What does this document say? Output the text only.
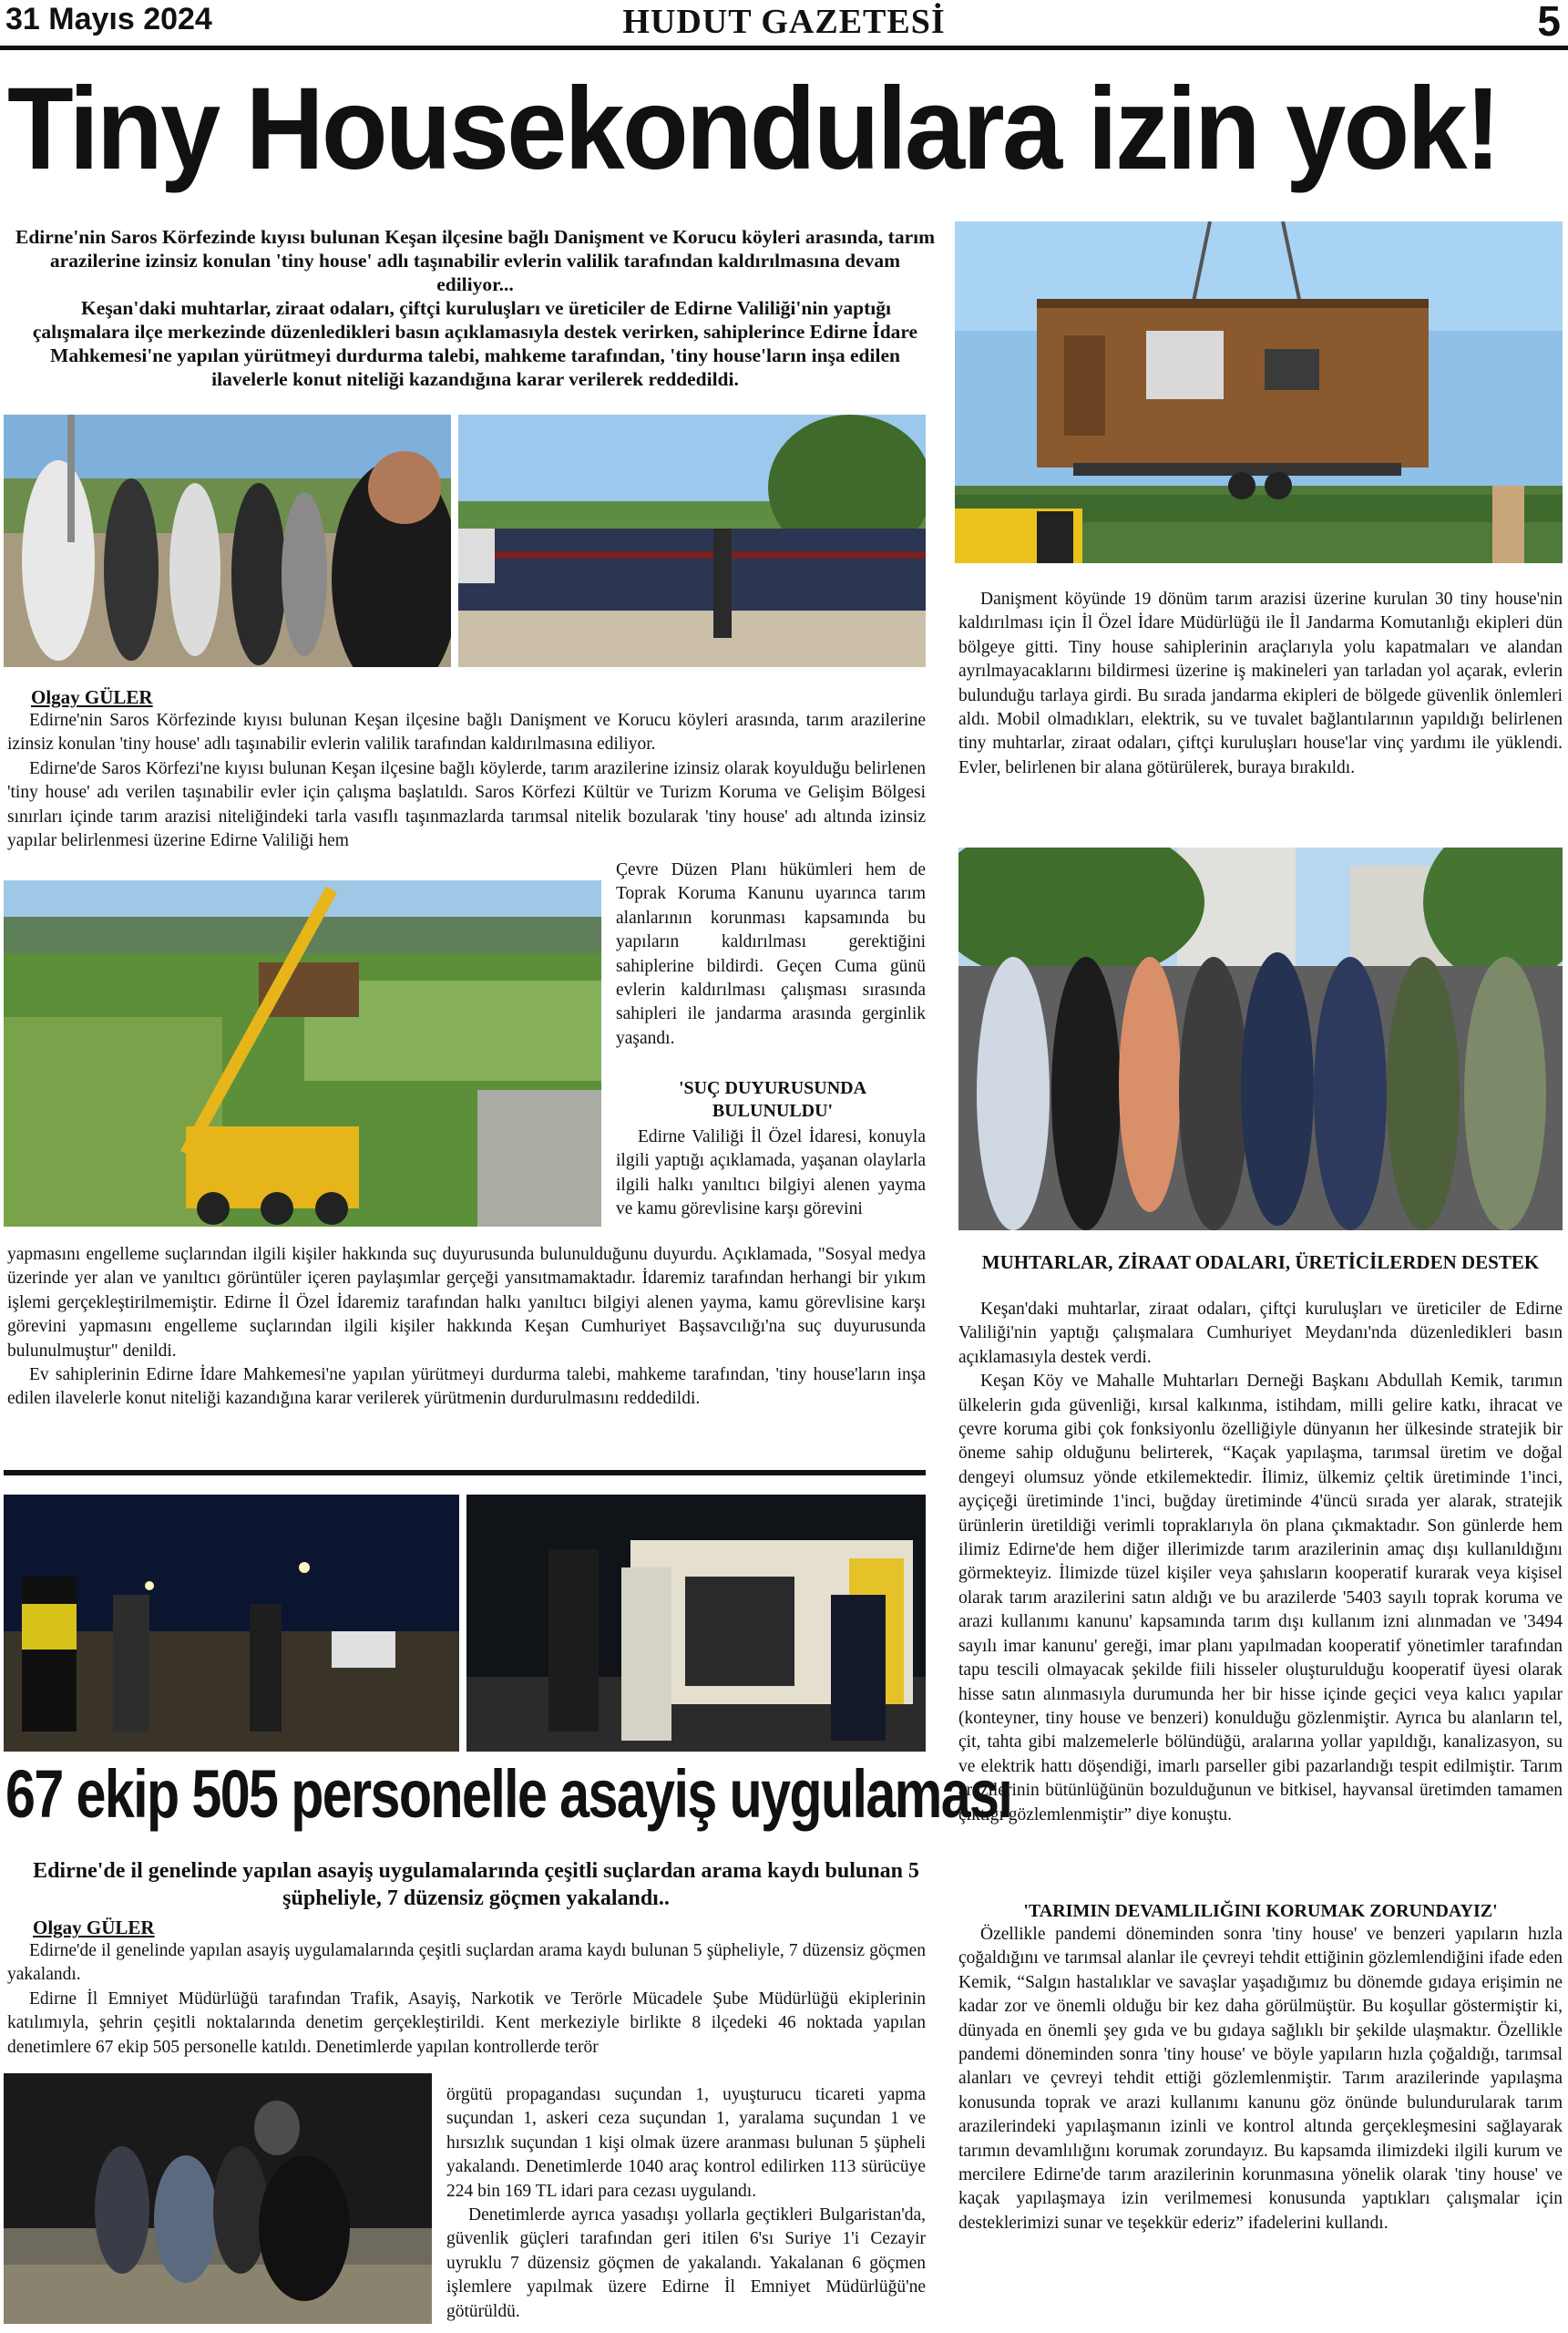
HUDUT GAZETESİ
31 Mayıs 2024	5
Tiny Housekondulara izin yok!

Edirne'nin Saros Körfezinde kıyısı bulunan Keşan ilçesine bağlı Danişment ve Korucu köyleri arasında, tarım arazilerine izinsiz konulan 'tiny house' adlı taşınabilir evlerin valilik tarafından kaldırılmasına devam ediliyor...

Keşan'daki muhtarlar, ziraat odaları, çiftçi kuruluşları ve üreticiler de Edirne Valiliği'nin yaptığı çalışmalara ilçe merkezinde düzenledikleri basın açıklamasıyla destek verirken, sahiplerince Edirne İdare Mahkemesi'ne yapılan yürütmeyi durdurma talebi, mahkeme tarafından, 'tiny house'ların inşa edilen ilavelerle konut niteliği kazandığına karar verilerek reddedildi.

Olgay GÜLER

Edirne'nin Saros Körfezinde kıyısı bulunan Keşan ilçesine bağlı Danişment ve Korucu köyleri arasında, tarım arazilerine izinsiz konulan 'tiny house' adlı taşınabilir evlerin valilik tarafından kaldırılmasına ediliyor.

Edirne'de Saros Körfezi'ne kıyısı bulunan Keşan ilçesine bağlı köylerde, tarım arazilerine izinsiz olarak koyulduğu belirlenen 'tiny house' adı verilen taşınabilir evler için çalışma başlatıldı. Saros Körfezi Kültür ve Turizm Koruma ve Gelişim Bölgesi sınırları içinde tarım arazisi niteliğindeki tarla vasıflı taşınmazlarda tarımsal nitelik bozularak 'tiny house' adı altında izinsiz yapılar belirlenmesi üzerine Edirne Valiliği hem

Çevre Düzen Planı hükümleri hem de Toprak Koruma Kanunu uyarınca tarım alanlarının korunması kapsamında bu yapıların kaldırılması gerektiğini sahiplerine bildirdi. Geçen Cuma günü evlerin kaldırılması çalışması sırasında sahipleri ile jandarma arasında gerginlik yaşandı.

'SUÇ DUYURUSUNDA BULUNULDU'

Edirne Valiliği İl Özel İdaresi, konuyla ilgili yaptığı açıklamada, yaşanan olaylarla ilgili halkı yanıltıcı bilgiyi alenen yayma ve kamu görevlisine karşı görevini

yapmasını engelleme suçlarından ilgili kişiler hakkında suç duyurusunda bulunulduğunu duyurdu. Açıklamada, "Sosyal medya üzerinde yer alan ve yanıltıcı görüntüler içeren paylaşımlar gerçeği yansıtmamaktadır. İdaremiz tarafından herhangi bir yıkım işlemi gerçekleştirilmemiştir. Edirne İl Özel İdaremiz tarafından halkı yanıltıcı bilgiyi alenen yayma, kamu görevlisine karşı görevini yapmasını engelleme suçlarından ilgili kişiler hakkında Keşan Cumhuriyet Başsavcılığı'na suç duyurusunda bulunulmuştur" denildi.

Ev sahiplerinin Edirne İdare Mahkemesi'ne yapılan yürütmeyi durdurma talebi, mahkeme tarafından, 'tiny house'ların inşa edilen ilavelerle konut niteliği kazandığına karar verilerek yürütmenin durdurulmasını reddedildi.

Danişment köyünde 19 dönüm tarım arazisi üzerine kurulan 30 tiny house'nin kaldırılması için İl Özel İdare Müdürlüğü ile İl Jandarma Komutanlığı ekipleri dün bölgeye gitti. Tiny house sahiplerinin araçlarıyla yolu kapatmaları ve alandan ayrılmayacaklarını bildirmesi üzerine iş makineleri yan tarladan yol açarak, evlerin bulunduğu tarlaya girdi. Bu sırada jandarma ekipleri de bölgede güvenlik önlemleri aldı. Mobil olmadıkları, elektrik, su ve tuvalet bağlantılarının yapıldığı belirlenen tiny muhtarlar, ziraat odaları, çiftçi kuruluşları house'lar vinç yardımı ile yüklendi. Evler, belirlenen bir alana götürülerek, buraya bırakıldı.

MUHTARLAR, ZİRAAT ODALARI, ÜRETİCİLERDEN DESTEK

Keşan'daki muhtarlar, ziraat odaları, çiftçi kuruluşları ve üreticiler de Edirne Valiliği'nin yaptığı çalışmalara Cumhuriyet Meydanı'nda düzenledikleri basın açıklamasıyla destek verdi.

Keşan Köy ve Mahalle Muhtarları Derneği Başkanı Abdullah Kemik, tarımın ülkelerin gıda güvenliği, kırsal kalkınma, istihdam, milli gelire katkı, ihracat ve çevre koruma gibi çok fonksiyonlu özelliğiyle dünyanın her ülkesinde stratejik bir öneme sahip olduğunu belirterek, “Kaçak yapılaşma, tarımsal üretim ve doğal dengeyi olumsuz yönde etkilemektedir. İlimiz, ülkemiz çeltik üretiminde 1'inci, ayçiçeği üretiminde 1'inci, buğday üretiminde 4'üncü sırada yer alarak, stratejik ürünlerin üretildiği verimli topraklarıyla ön plana çıkmaktadır. Son günlerde hem ilimiz Edirne'de hem diğer illerimizde tarım arazilerinin amaç dışı kullanıldığını görmekteyiz. İlimizde tüzel kişiler veya şahısların kooperatif kurarak veya kişisel olarak tarım arazilerini satın aldığı ve bu arazilerde '5403 sayılı toprak koruma ve arazi kullanımı kanunu' kapsamında tarım dışı kullanım izni alınmadan ve '3494 sayılı imar kanunu' gereği, imar planı yapılmadan kooperatif yönetimler tarafından tapu tescili olmayacak şekilde fiili hisseler oluşturulduğu kooperatif üyesi olarak hisse satın alınmasıyla durumunda her bir hisse içinde geçici veya kalıcı yapılar (konteyner, tiny house ve benzeri) konulduğu gözlenmiştir. Ayrıca bu alanların tel, çit, tahta gibi malzemelerle bölündüğü, aralarına yollar yapıldığı, kanalizasyon, su ve elektrik hattı döşendiği, imarlı parseller gibi pazarlandığı tespit edilmiştir. Tarım arazilerinin bütünlüğünün bozulduğunun ve bitkisel, hayvansal üretimden tamamen çıktığı gözlemlenmiştir” diye konuştu.

'TARIMIN DEVAMLILIĞINI KORUMAK ZORUNDAYIZ'

Özellikle pandemi döneminden sonra 'tiny house' ve benzeri yapıların hızla çoğaldığını ve tarımsal alanlar ile çevreyi tehdit ettiğinin gözlemlendiğini ifade eden Kemik, “Salgın hastalıklar ve savaşlar yaşadığımız bu dönemde gıdaya erişimin ne kadar zor ve önemli olduğu bir kez daha görülmüştür. Bu koşullar göstermiştir ki, dünyada en önemli şey gıda ve bu gıdaya sağlıklı bir şekilde ulaşmaktır. Özellikle pandemi döneminden sonra 'tiny house' ve böyle yapıların hızla çoğaldığı, tarımsal alanları ve çevreyi tehdit ettiği gözlemlenmiştir. Tarım arazilerinde yapılaşma konusunda toprak ve arazi kullanımı kanunu göz önünde bulundurularak tarım arazilerindeki yapılaşmanın izinli ve kontrol altında gerçekleşmesini sağlayarak tarımın devamlılığını korumak zorundayız. Bu kapsamda ilimizdeki ilgili kurum ve mercilere Edirne'de tarım arazilerinin korunmasına yönelik olarak 'tiny house' ve kaçak yapılaşmaya izin verilmemesi konusunda yaptıkları çalışmalar için desteklerimizi sunar ve teşekkür ederiz” ifadelerini kullandı.

67 ekip 505 personelle asayiş uygulaması
Edirne'de il genelinde yapılan asayiş uygulamalarında çeşitli suçlardan arama kaydı bulunan 5 şüpheliyle, 7 düzensiz göçmen yakalandı..
Olgay GÜLER

Edirne'de il genelinde yapılan asayiş uygulamalarında çeşitli suçlardan arama kaydı bulunan 5 şüpheliyle, 7 düzensiz göçmen yakalandı.

Edirne İl Emniyet Müdürlüğü tarafından Trafik, Asayiş, Narkotik ve Terörle Mücadele Şube Müdürlüğü ekiplerinin katılımıyla, şehrin çeşitli noktalarında denetim gerçekleştirildi. Kent merkeziyle birlikte 8 ilçedeki 46 noktada yapılan denetimlere 67 ekip 505 personelle katıldı. Denetimlerde yapılan kontrollerde terör

örgütü propagandası suçundan 1, uyuşturucu ticareti yapma suçundan 1, askeri ceza suçundan 1, yaralama suçundan 1 ve hırsızlık suçundan 1 kişi olmak üzere aranması bulunan 5 şüpheli yakalandı. Denetimlerde 1040 araç kontrol edilirken 113 sürücüye 224 bin 169 TL idari para cezası uygulandı.

Denetimlerde ayrıca yasadışı yollarla geçtikleri Bulgaristan'da, güvenlik güçleri tarafından geri itilen 6'sı Suriye 1'i Cezayir uyruklu 7 düzensiz göçmen de yakalandı. Yakalanan 6 göçmen işlemlere yapılmak üzere Edirne İl Emniyet Müdürlüğü'ne götürüldü.
